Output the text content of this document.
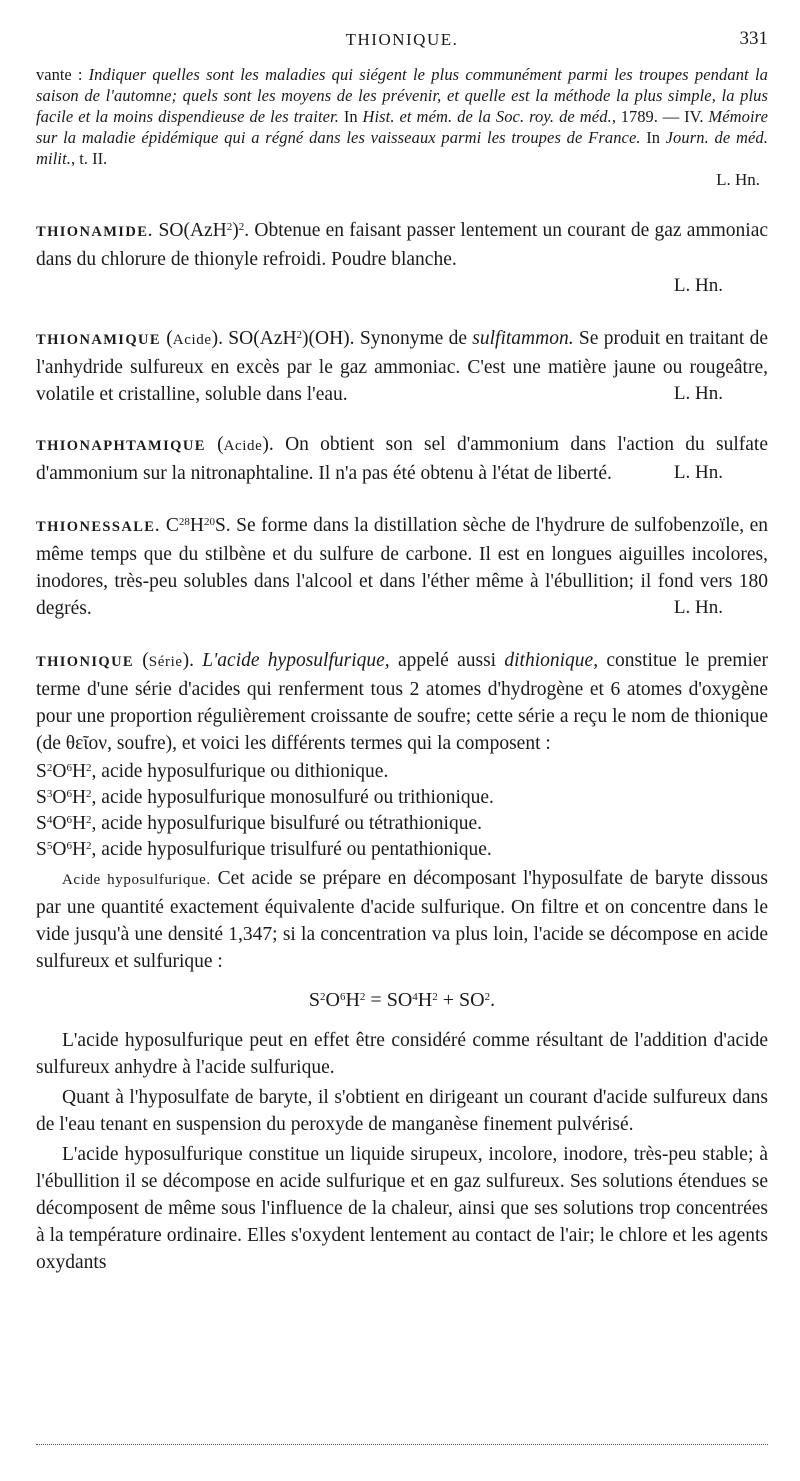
THIONIQUE.	331

vante : Indiquer quelles sont les maladies qui siégent le plus communément parmi les troupes pendant la saison de l'automne; quels sont les moyens de les prévenir, et quelle est la méthode la plus simple, la plus facile et la moins dispendieuse de les traiter. In Hist. et mém. de la Soc. roy. de méd., 1789. — IV. Mémoire sur la maladie épidémique qui a régné dans les vaisseaux parmi les troupes de France. In Journ. de méd. milit., t. II.

L. Hn.

THIONAMIDE. $SO(AzH^2)^2$. Obtenue en faisant passer lentement un courant de gaz ammoniac dans du chlorure de thionyle refroidi. Poudre blanche.

L. Hn.

THIONAMIQUE (Acide). SO(AzH$^2$)(OH). Synonyme de sulfitammon. Se produit en traitant de l'anhydride sulfureux en excès par le gaz ammoniac. C'est une matière jaune ou rougeâtre, volatile et cristalline, soluble dans l'eau.	L. Hn.

THIONAPHTAMIQUE (Acide). On obtient son sel d'ammonium dans l'action du sulfate d'ammonium sur la nitronaphtaline. Il n'a pas été obtenu à l'état de liberté.	L. Hn.

THIONESSALE. $C^{28}H^{20}S$. Se forme dans la distillation sèche de l'hydrure de sulfobenzoïle, en même temps que du stilbène et du sulfure de carbone. Il est en longues aiguilles incolores, inodores, très-peu solubles dans l'alcool et dans l'éther même à l'ébullition; il fond vers 180 degrés.	L. Hn.

THIONIQUE (Série). L'acide hyposulfurique, appelé aussi dithionique, constitue le premier terme d'une série d'acides qui renferment tous 2 atomes d'hydrogène et 6 atomes d'oxygène pour une proportion régulièrement croissante de soufre; cette série a reçu le nom de thionique (de θεῖον, soufre), et voici les différents termes qui la composent :

$S^2O^6H^2$, acide hyposulfurique ou dithionique.
$S^3O^6H^2$, acide hyposulfurique monosulfuré ou trithionique.
$S^4O^6H^2$, acide hyposulfurique bisulfuré ou tétrathionique.
$S^5O^6H^2$, acide hyposulfurique trisulfuré ou pentathionique.

Acide hyposulfurique. Cet acide se prépare en décomposant l'hyposulfate de baryte dissous par une quantité exactement équivalente d'acide sulfurique. On filtre et on concentre dans le vide jusqu'à une densité 1,347; si la concentration va plus loin, l'acide se décompose en acide sulfureux et sulfurique :

$S^2O^6H^2 = SO^4H^2 + SO^2$.

L'acide hyposulfurique peut en effet être considéré comme résultant de l'addition d'acide sulfureux anhydre à l'acide sulfurique.

Quant à l'hyposulfate de baryte, il s'obtient en dirigeant un courant d'acide sulfureux dans de l'eau tenant en suspension du peroxyde de manganèse finement pulvérisé.

L'acide hyposulfurique constitue un liquide sirupeux, incolore, inodore, très-peu stable; à l'ébullition il se décompose en acide sulfurique et en gaz sulfureux. Ses solutions étendues se décomposent de même sous l'influence de la chaleur, ainsi que ses solutions trop concentrées à la température ordinaire. Elles s'oxydent lentement au contact de l'air; le chlore et les agents oxydants
